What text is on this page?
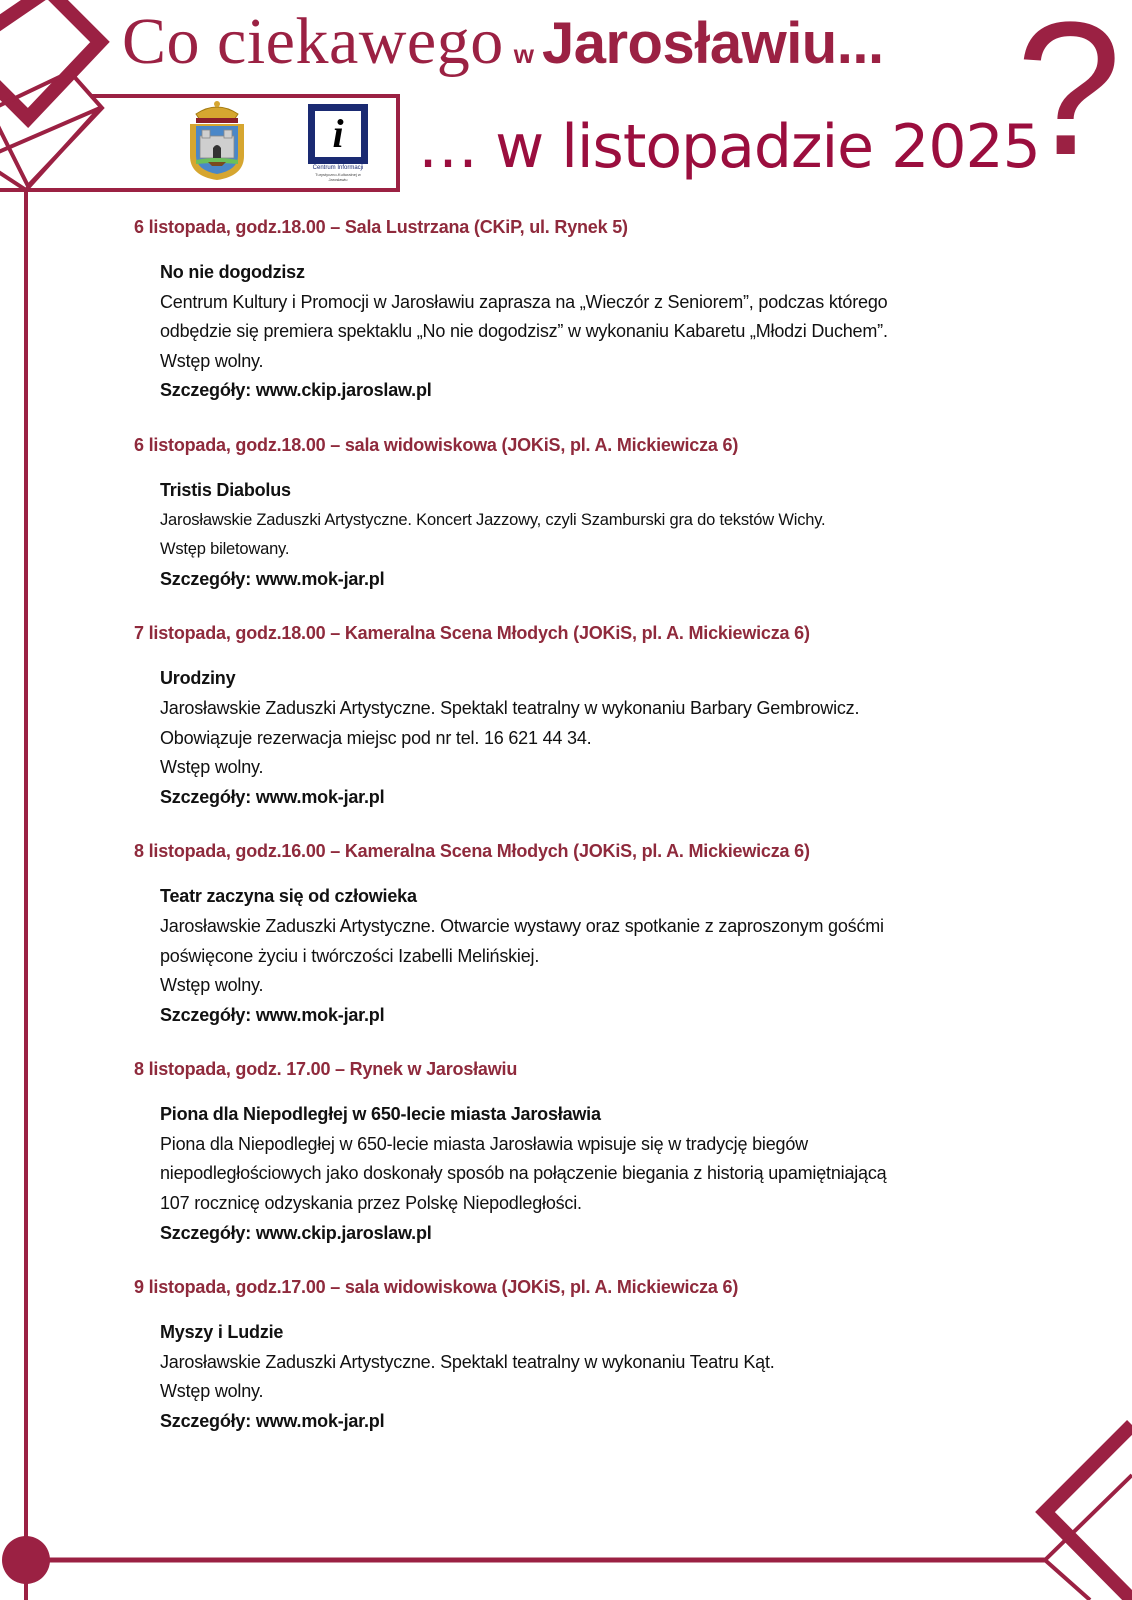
Co ciekawego w Jarosławiu...
… w listopadzie 2025
?
i
Centrum Informacji
Turystyczno-Kulturalnej w Jarosławiu
6 listopada, godz.18.00 – Sala Lustrzana (CKiP, ul. Rynek 5)
No nie dogodzisz
Centrum Kultury i Promocji w Jarosławiu zaprasza na „Wieczór z Seniorem”, podczas którego
odbędzie się premiera spektaklu „No nie dogodzisz” w wykonaniu Kabaretu „Młodzi Duchem”.
Wstęp wolny.
Szczegóły: www.ckip.jaroslaw.pl
6 listopada, godz.18.00 – sala widowiskowa (JOKiS, pl. A. Mickiewicza 6)
Tristis Diabolus
Jarosławskie Zaduszki Artystyczne. Koncert Jazzowy, czyli Szamburski gra do tekstów Wichy.
Wstęp biletowany.
Szczegóły: www.mok-jar.pl
7 listopada, godz.18.00 – Kameralna Scena Młodych (JOKiS, pl. A. Mickiewicza 6)
Urodziny
Jarosławskie Zaduszki Artystyczne. Spektakl teatralny w wykonaniu Barbary Gembrowicz.
Obowiązuje rezerwacja miejsc pod nr tel. 16 621 44 34.
Wstęp wolny.
Szczegóły: www.mok-jar.pl
8 listopada, godz.16.00 – Kameralna Scena Młodych (JOKiS, pl. A. Mickiewicza 6)
Teatr zaczyna się od człowieka
Jarosławskie Zaduszki Artystyczne. Otwarcie wystawy oraz spotkanie z zaproszonym gośćmi
poświęcone życiu i twórczości Izabelli Melińskiej.
Wstęp wolny.
Szczegóły: www.mok-jar.pl
8 listopada, godz. 17.00 – Rynek w Jarosławiu
Piona dla Niepodległej w 650-lecie miasta Jarosławia
Piona dla Niepodległej w 650-lecie miasta Jarosławia wpisuje się w tradycję biegów
niepodległościowych jako doskonały sposób na połączenie biegania z historią upamiętniającą
107 rocznicę odzyskania przez Polskę Niepodległości.
Szczegóły: www.ckip.jaroslaw.pl
9 listopada, godz.17.00 – sala widowiskowa (JOKiS, pl. A. Mickiewicza 6)
Myszy i Ludzie
Jarosławskie Zaduszki Artystyczne. Spektakl teatralny w wykonaniu Teatru Kąt.
Wstęp wolny.
Szczegóły: www.mok-jar.pl
